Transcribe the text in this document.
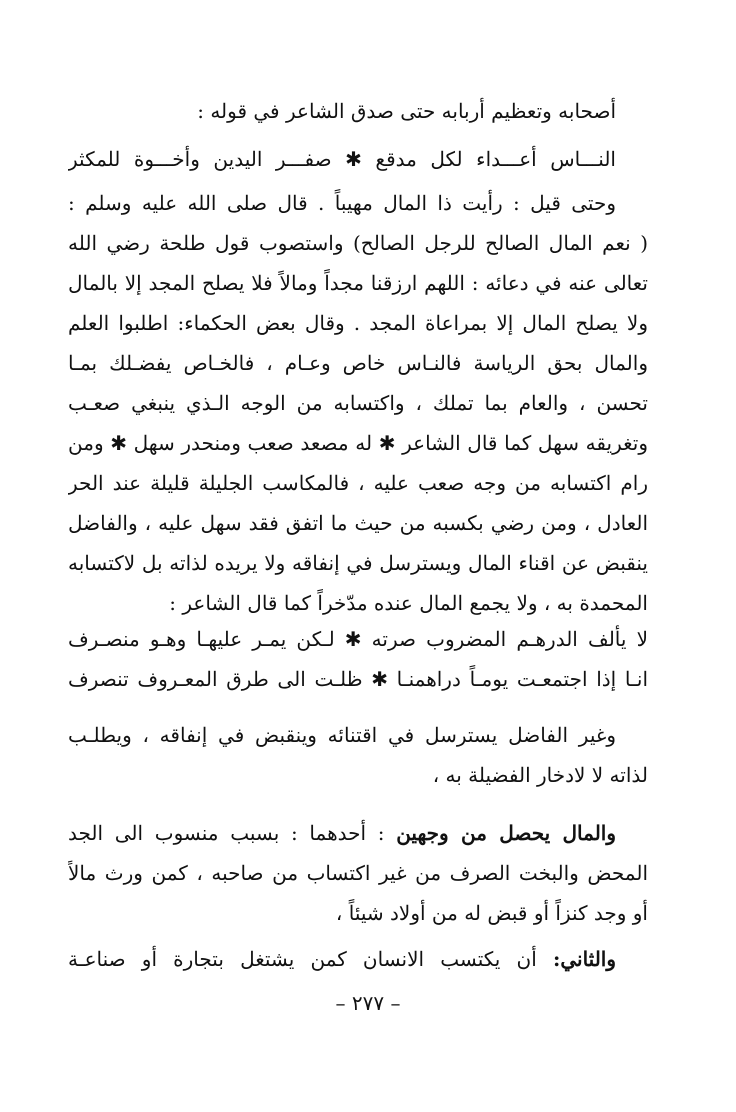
أصحابه وتعظيم أربابه حتى صدق الشاعر في قوله :
النـــاس أعـــداء لكل مدقع ✱ صفـــر اليدين وأخـــوة للمكثر
وحتى قيل : رأيت ذا المال مهيباً . قال صلى الله عليه وسلم :
( نعم المال الصالح للرجل الصالح) واستصوب قول طلحة رضي الله
تعالى عنه في دعائه : اللهم ارزقنا مجداً ومالاً فلا يصلح المجد إلا بالمال
ولا يصلح المال إلا بمراعاة المجد . وقال بعض الحكماء: اطلبوا العلم
والمال بحق الرياسة فالنـاس خاص وعـام ، فالخـاص يفضـلك بمـا
تحسن ، والعام بما تملك ، واكتسابه من الوجه الـذي ينبغي صعـب
وتغريقه سهل كما قال الشاعر ✱ له مصعد صعب ومنحدر سهل ✱ ومن
رام اكتسابه من وجه صعب عليه ، فالمكاسب الجليلة قليلة عند الحر
العادل ، ومن رضي بكسبه من حيث ما اتفق فقد سهل عليه ، والفاضل
ينقبض عن اقناء المال ويسترسل في إنفاقه ولا يريده لذاته بل لاكتسابه
المحمدة به ، ولا يجمع المال عنده مدّخراً كما قال الشاعر :
لا يألف الدرهـم المضروب صرته ✱ لـكن يمـر عليهـا وهـو منصـرف
انـا إذا اجتمعـت يومـاً دراهمنـا ✱ ظلـت الى طرق المعـروف تنصرف
وغير الفاضل يسترسل في اقتنائه وينقبض في إنفاقه ، ويطلـب
لذاته لا لادخار الفضيلة به ،
والمال يحصل من وجهين : أحدهما : بسبب منسوب الى الجد
المحض والبخت الصرف من غير اكتساب من صاحبه ، كمن ورث مالاً
أو وجد كنزاً أو قبض له من أولاد شيئاً ،
والثاني: أن يكتسب الانسان كمن يشتغل بتجارة أو صناعـة
– ٢٧٧ –
